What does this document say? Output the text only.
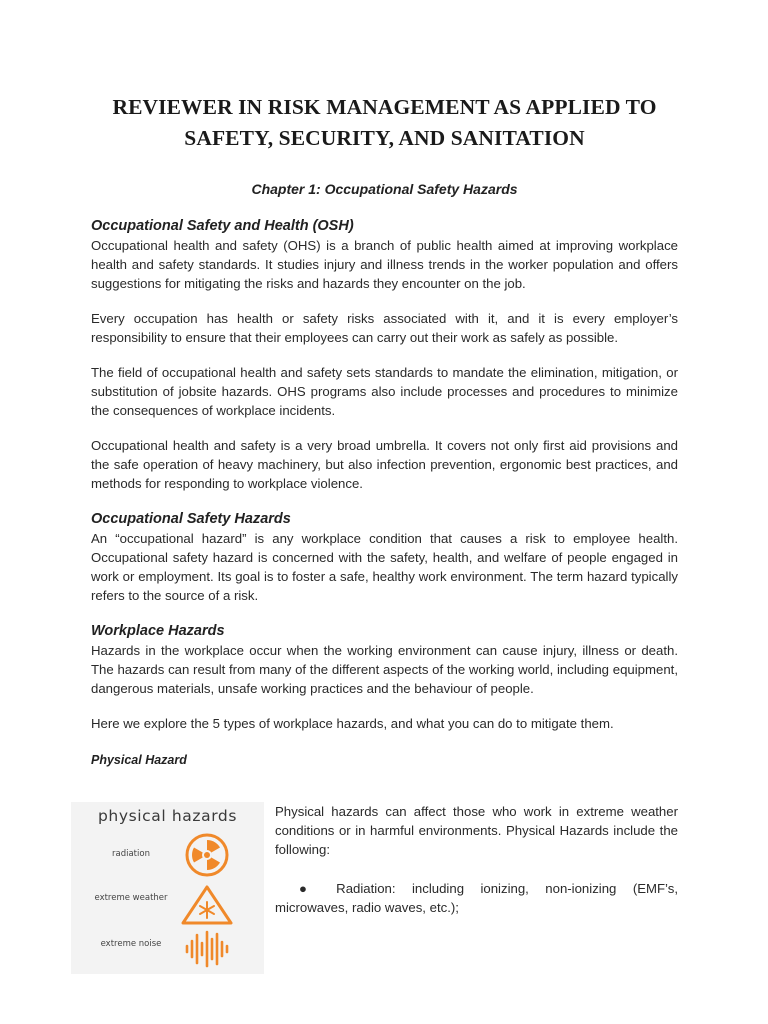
REVIEWER IN RISK MANAGEMENT AS APPLIED TO
SAFETY, SECURITY, AND SANITATION
Chapter 1: Occupational Safety Hazards
Occupational Safety and Health (OSH)

Occupational health and safety (OHS) is a branch of public health aimed at improving workplace health and safety standards. It studies injury and illness trends in the worker population and offers suggestions for mitigating the risks and hazards they encounter on the job.

Every occupation has health or safety risks associated with it, and it is every employer’s responsibility to ensure that their employees can carry out their work as safely as possible.

The field of occupational health and safety sets standards to mandate the elimination, mitigation, or substitution of jobsite hazards. OHS programs also include processes and procedures to minimize the consequences of workplace incidents.

Occupational health and safety is a very broad umbrella. It covers not only first aid provisions and the safe operation of heavy machinery, but also infection prevention, ergonomic best practices, and methods for responding to workplace violence.

Occupational Safety Hazards

An “occupational hazard” is any workplace condition that causes a risk to employee health. Occupational safety hazard is concerned with the safety, health, and welfare of people engaged in work or employment. Its goal is to foster a safe, healthy work environment. The term hazard typically refers to the source of a risk.

Workplace Hazards

Hazards in the workplace occur when the working environment can cause injury, illness or death. The hazards can result from many of the different aspects of the working world, including equipment, dangerous materials, unsafe working practices and the behaviour of people.

Here we explore the 5 types of workplace hazards, and what you can do to mitigate them.

Physical Hazard
physical hazards
radiation
extreme weather
extreme noise

Physical hazards can affect those who work in extreme weather conditions or in harmful environments. Physical Hazards include the following:

● Radiation: including ionizing, non-ionizing (EMF’s, microwaves, radio waves, etc.);
